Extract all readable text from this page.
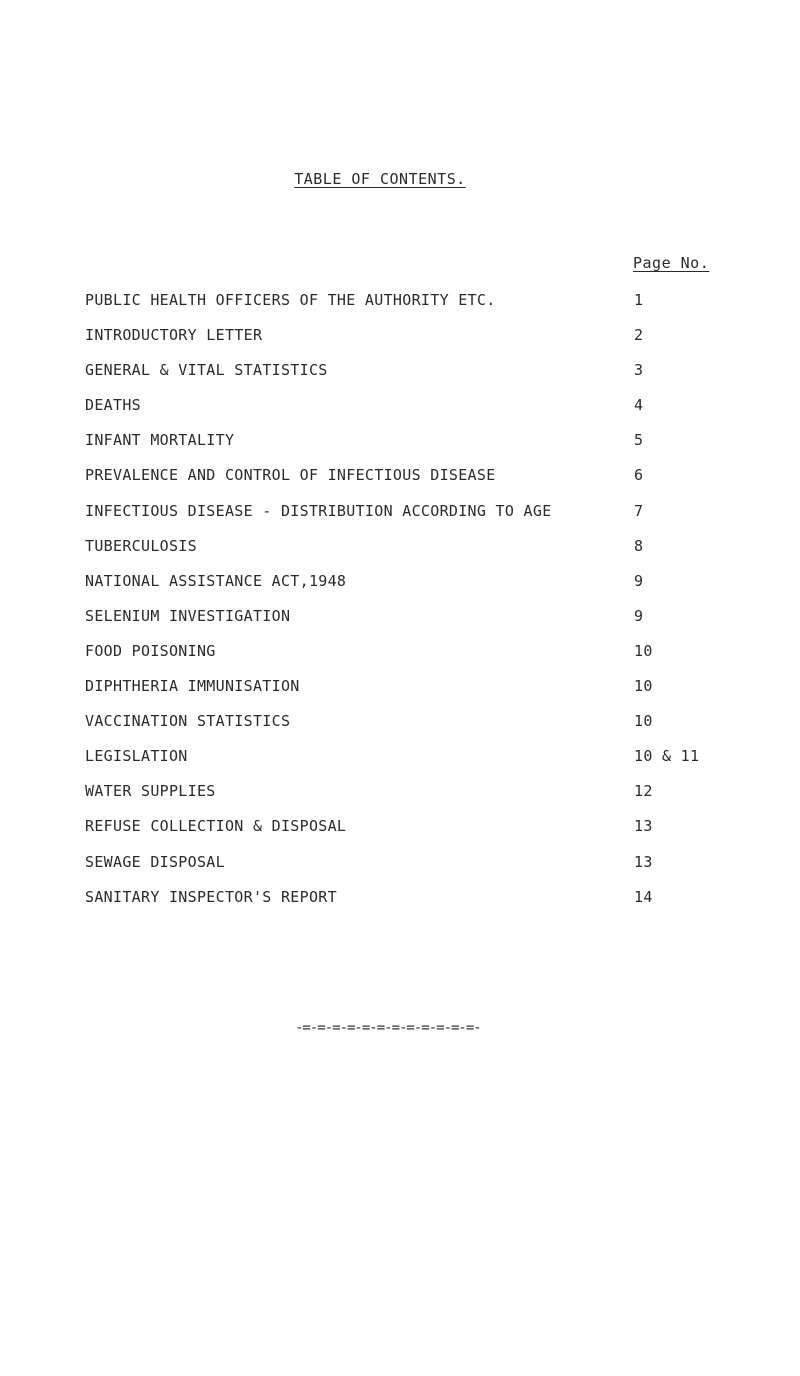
TABLE OF CONTENTS.
Page No.
PUBLIC HEALTH OFFICERS OF THE AUTHORITY ETC.	1
INTRODUCTORY LETTER	2
GENERAL & VITAL STATISTICS	3
DEATHS	4
INFANT MORTALITY	5
PREVALENCE AND CONTROL OF INFECTIOUS DISEASE	6
INFECTIOUS DISEASE - DISTRIBUTION ACCORDING TO AGE	7
TUBERCULOSIS	8
NATIONAL ASSISTANCE ACT,1948	9
SELENIUM INVESTIGATION	9
FOOD POISONING	10
DIPHTHERIA IMMUNISATION	10
VACCINATION STATISTICS	10
LEGISLATION	10 & 11
WATER SUPPLIES	12
REFUSE COLLECTION & DISPOSAL	13
SEWAGE DISPOSAL	13
SANITARY INSPECTOR'S REPORT	14
-=-=-=-=-=-=-=-=-=-=-=-=-
